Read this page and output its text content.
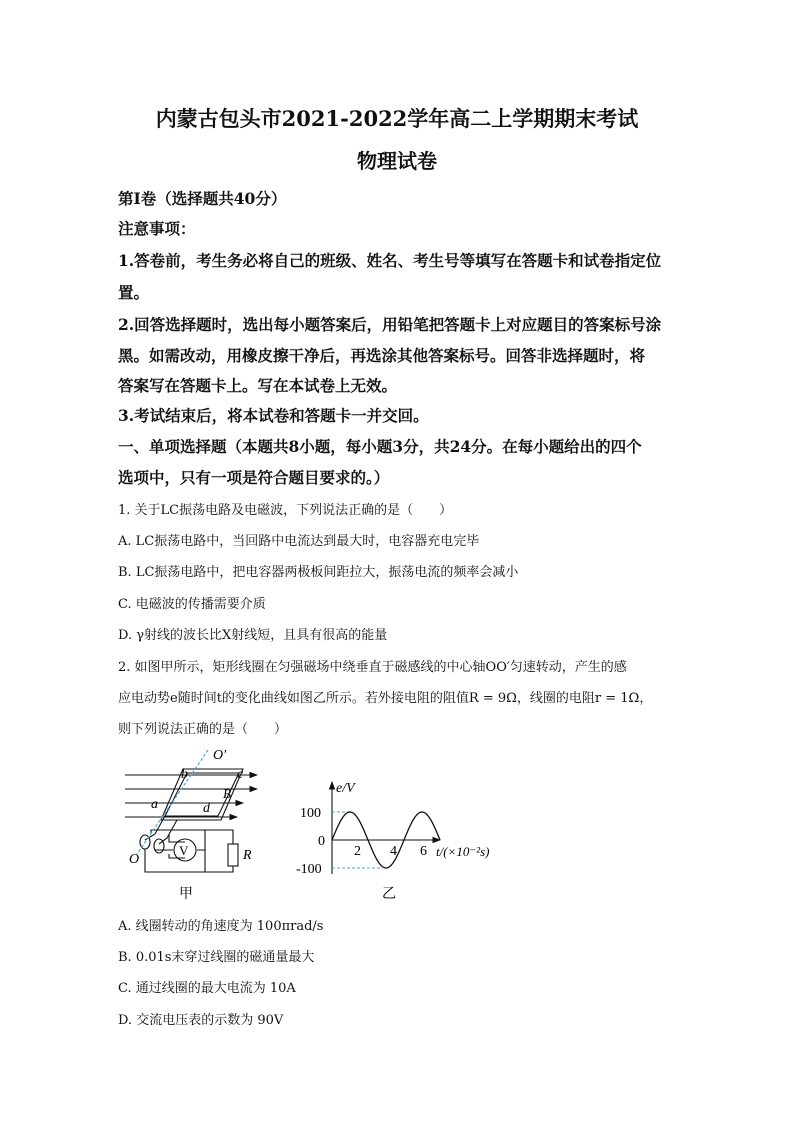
内蒙古包头市2021-2022学年高二上学期期末考试
物理试卷
第I卷（选择题共40分）
注意事项：
1.答卷前，考生务必将自己的班级、姓名、考生号等填写在答题卡和试卷指定位
置。
2.回答选择题时，选出每小题答案后，用铅笔把答题卡上对应题目的答案标号涂
黑。如需改动，用橡皮擦干净后，再选涂其他答案标号。回答非选择题时，将
答案写在答题卡上。写在本试卷上无效。
3.考试结束后，将本试卷和答题卡一并交回。
一、单项选择题（本题共8小题，每小题3分，共24分。在每小题给出的四个
选项中，只有一项是符合题目要求的。）
1. 关于LC振荡电路及电磁波，下列说法正确的是（　　）
A. LC振荡电路中，当回路中电流达到最大时，电容器充电完毕
B. LC振荡电路中，把电容器两极板间距拉大，振荡电流的频率会减小
C. 电磁波的传播需要介质
D. γ射线的波长比X射线短，且具有很高的能量
2. 如图甲所示，矩形线圈在匀强磁场中绕垂直于磁感线的中心轴OO′匀速转动，产生的感
应电动势e随时间t的变化曲线如图乙所示。若外接电阻的阻值R = 9Ω，线圈的电阻r = 1Ω，
则下列说法正确的是（　　）
O′
b	c
B
d
a
V	R
O
甲
e/V
100
0
-100
2 4 6 t/(×10⁻²s)
乙
A. 线圈转动的角速度为 100πrad/s
B. 0.01s末穿过线圈的磁通量最大
C. 通过线圈的最大电流为 10A
D. 交流电压表的示数为 90V
